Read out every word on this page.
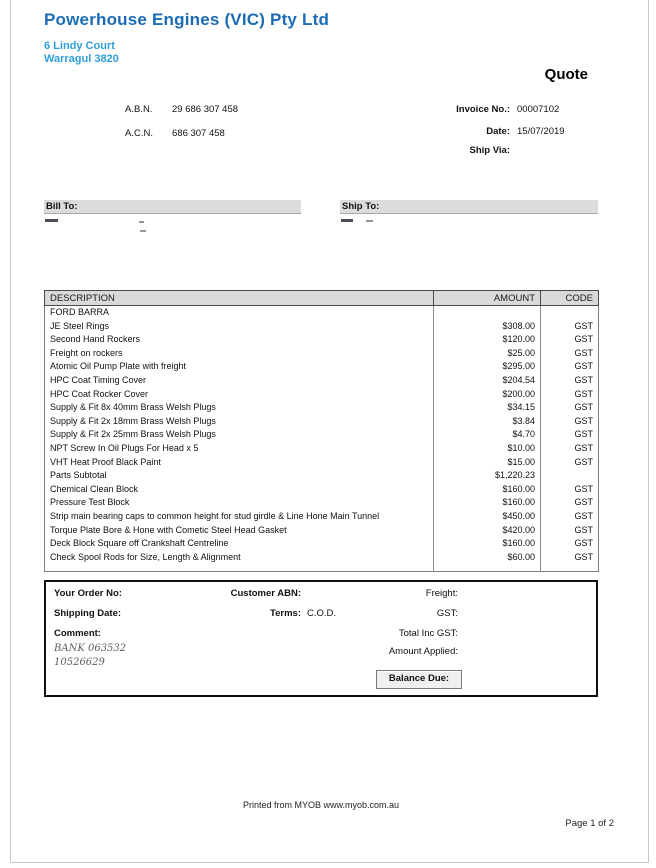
Powerhouse Engines (VIC) Pty Ltd
6 Lindy Court
Warragul 3820
Quote
A.B.N. 29 686 307 458
A.C.N. 686 307 458
Invoice No.: 00007102
Date: 15/07/2019
Ship Via:
Bill To:	Ship To:
DESCRIPTION	AMOUNT	CODE
FORD BARRA		
JE Steel Rings	$308.00	GST
Second Hand Rockers	$120.00	GST
Freight on rockers	$25.00	GST
Atomic Oil Pump Plate with freight	$295.00	GST
HPC Coat Timing Cover	$204.54	GST
HPC Coat Rocker Cover	$200.00	GST
Supply & Fit 8x 40mm Brass Welsh Plugs	$34.15	GST
Supply & Fit 2x 18mm Brass Welsh Plugs	$3.84	GST
Supply & Fit 2x 25mm Brass Welsh Plugs	$4.70	GST
NPT Screw In Oil Plugs For Head x 5	$10.00	GST
VHT Heat Proof Black Paint	$15.00	GST
Parts Subtotal	$1,220.23	
Chemical Clean Block	$160.00	GST
Pressure Test Block	$160.00	GST
Strip main bearing caps to common height for stud girdle & Line Hone Main Tunnel	$450.00	GST
Torque Plate Bore & Hone with Cometic Steel Head Gasket	$420.00	GST
Deck Block Square off Crankshaft Centreline	$160.00	GST
Check Spool Rods for Size, Length & Alignment	$60.00	GST

Your Order No:	Customer ABN:	Freight:
Shipping Date:	Terms: C.O.D.	GST:
Comment:	Total Inc GST:
BANK 063532	Amount Applied:
10526629
Balance Due:
Printed from MYOB www.myob.com.au
Page 1 of 2
